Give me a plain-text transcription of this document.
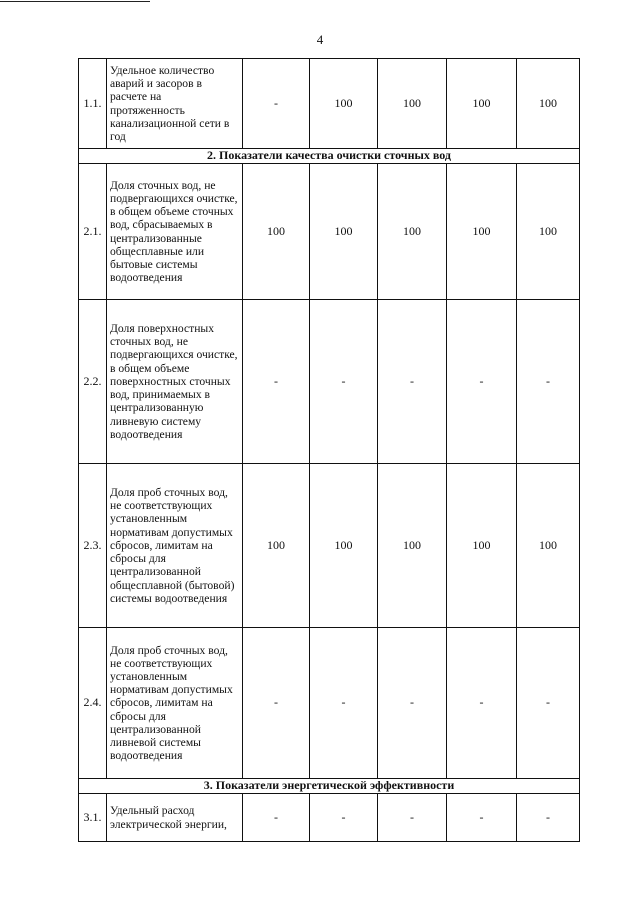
4
1.1.	Удельное количество аварий и засоров в расчете на протяженность канализационной сети в год	-	100	100	100	100
2. Показатели качества очистки сточных вод						
2.1.	Доля сточных вод, не подвергающихся очистке, в общем объеме сточных вод, сбрасываемых в централизованные общесплавные или бытовые системы водоотведения	100	100	100	100	100
2.2.	Доля поверхностных сточных вод, не подвергающихся очистке, в общем объеме поверхностных сточных вод, принимаемых в централизованную ливневую систему водоотведения	-	-	-	-	-
2.3.	Доля проб сточных вод, не соответствующих установленным нормативам допустимых сбросов, лимитам на сбросы для централизованной общесплавной (бытовой) системы водоотведения	100	100	100	100	100
2.4.	Доля проб сточных вод, не соответствующих установленным нормативам допустимых сбросов, лимитам на сбросы для централизованной ливневой системы водоотведения	-	-	-	-	-
3. Показатели энергетической эффективности						
3.1.	Удельный расход электрической энергии,	-	-	-	-	-
